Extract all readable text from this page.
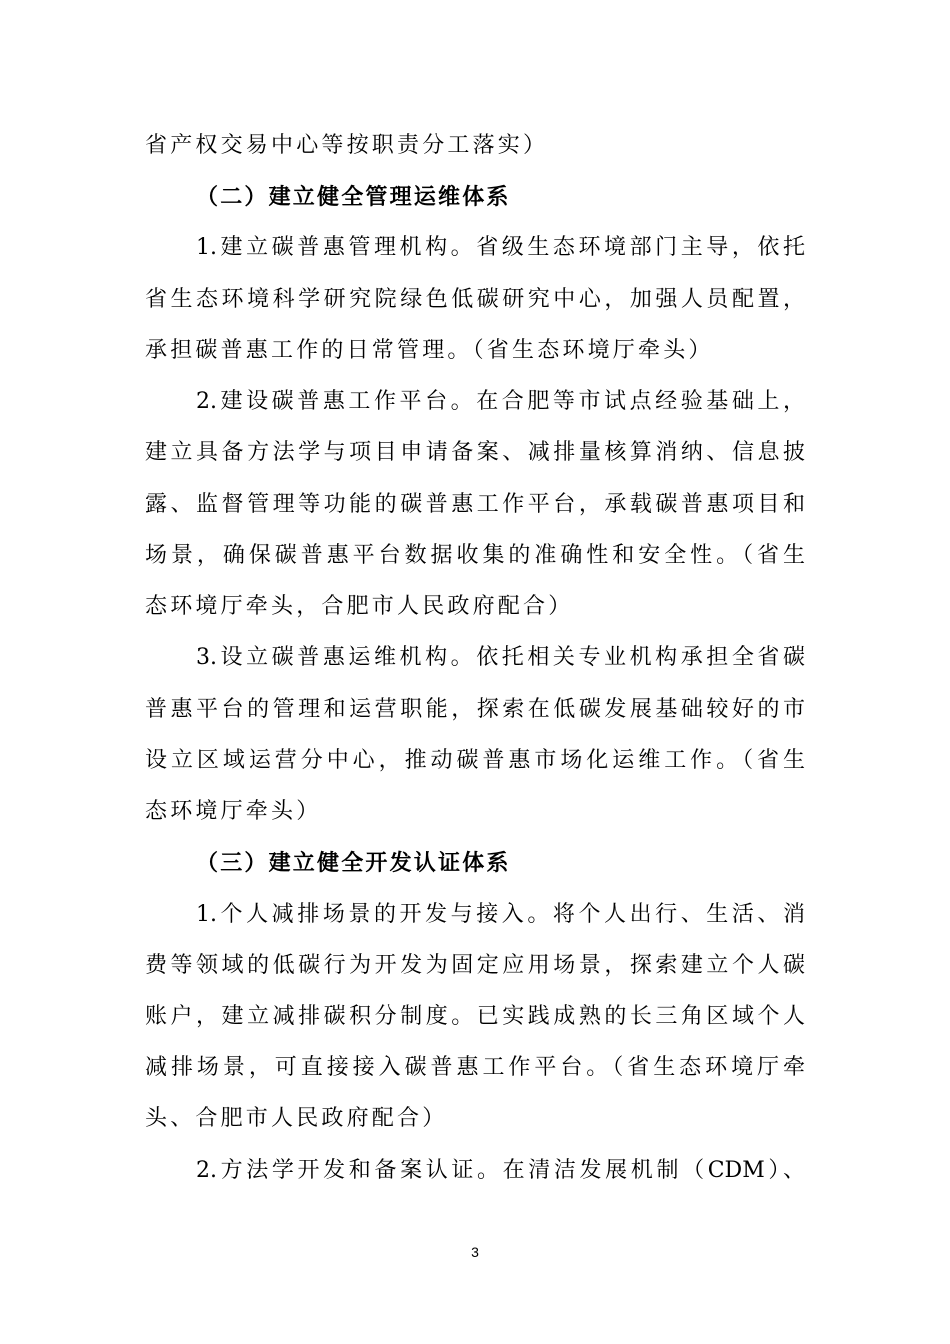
省产权交易中心等按职责分工落实）
（二）建立健全管理运维体系
1.建立碳普惠管理机构。省级生态环境部门主导，依托
省生态环境科学研究院绿色低碳研究中心，加强人员配置，
承担碳普惠工作的日常管理。（省生态环境厅牵头）
2.建设碳普惠工作平台。在合肥等市试点经验基础上，
建立具备方法学与项目申请备案、减排量核算消纳、信息披
露、监督管理等功能的碳普惠工作平台，承载碳普惠项目和
场景，确保碳普惠平台数据收集的准确性和安全性。（省生
态环境厅牵头，合肥市人民政府配合）
3.设立碳普惠运维机构。依托相关专业机构承担全省碳
普惠平台的管理和运营职能，探索在低碳发展基础较好的市
设立区域运营分中心，推动碳普惠市场化运维工作。（省生
态环境厅牵头）
（三）建立健全开发认证体系
1.个人减排场景的开发与接入。将个人出行、生活、消
费等领域的低碳行为开发为固定应用场景，探索建立个人碳
账户，建立减排碳积分制度。已实践成熟的长三角区域个人
减排场景，可直接接入碳普惠工作平台。（省生态环境厅牵
头、合肥市人民政府配合）
2.方法学开发和备案认证。在清洁发展机制（CDM）、
3
